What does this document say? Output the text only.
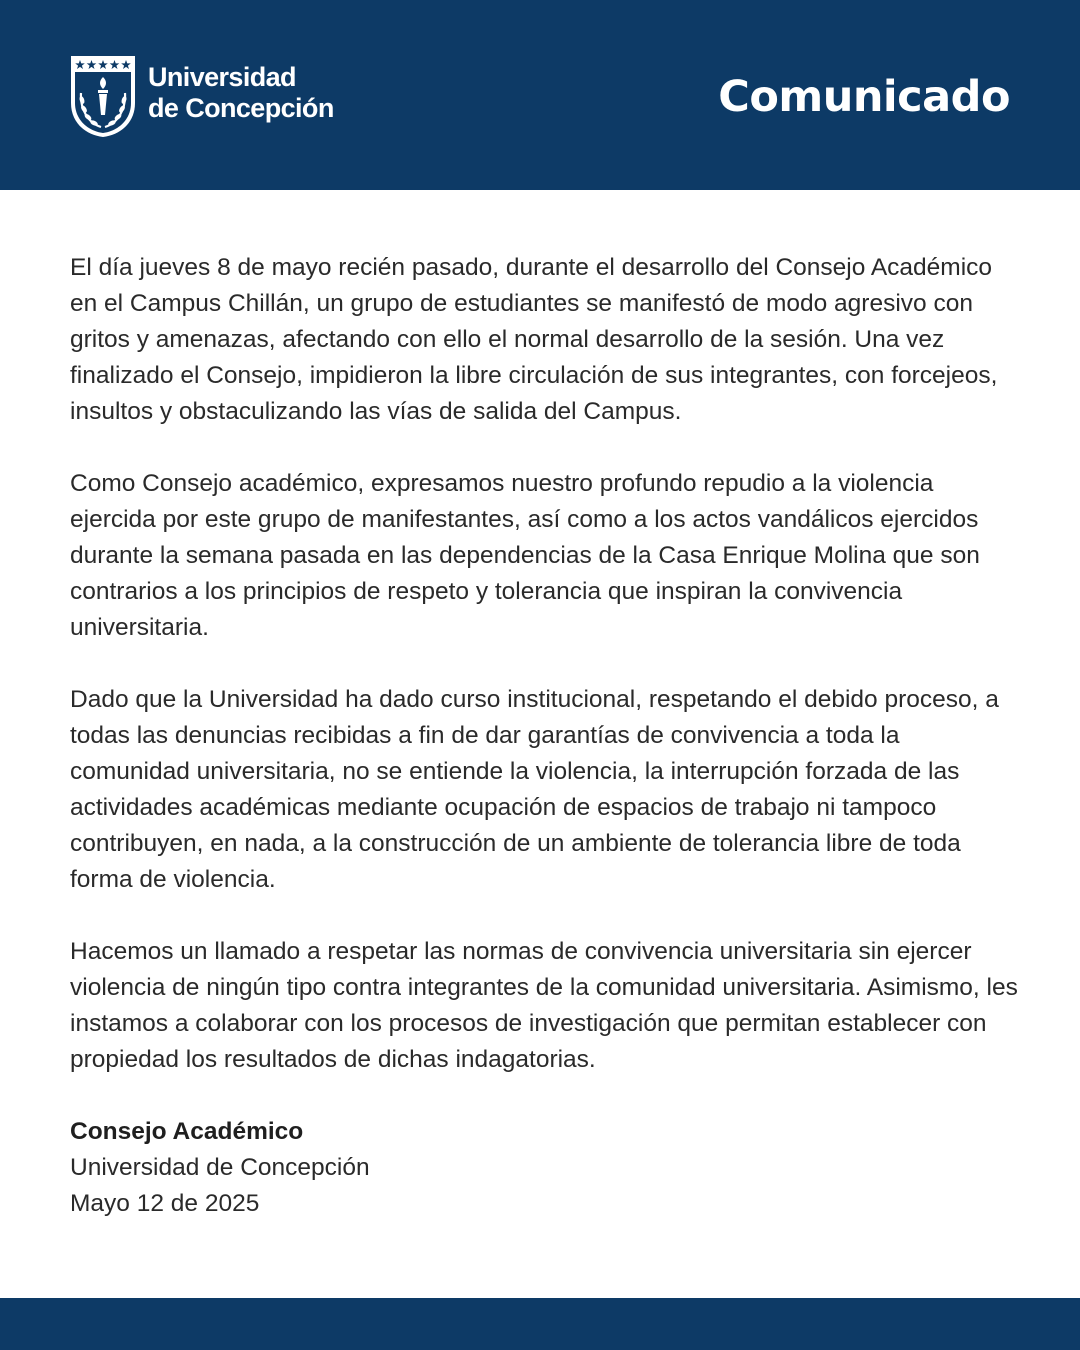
Universidad
de Concepción	Comunicado

El día jueves 8 de mayo recién pasado, durante el desarrollo del Consejo Académico en el Campus Chillán, un grupo de estudiantes se manifestó de modo agresivo con gritos y amenazas, afectando con ello el normal desarrollo de la sesión. Una vez finalizado el Consejo, impidieron la libre circulación de sus integrantes, con forcejeos, insultos y obstaculizando las vías de salida del Campus.

Como Consejo académico, expresamos nuestro profundo repudio a la violencia ejercida por este grupo de manifestantes, así como a los actos vandálicos ejercidos durante la semana pasada en las dependencias de la Casa Enrique Molina que son contrarios a los principios de respeto y tolerancia que inspiran la convivencia universitaria.

Dado que la Universidad ha dado curso institucional, respetando el debido proceso, a todas las denuncias recibidas a fin de dar garantías de convivencia a toda la comunidad universitaria, no se entiende la violencia, la interrupción forzada de las actividades académicas mediante ocupación de espacios de trabajo ni tampoco contribuyen, en nada, a la construcción de un ambiente de tolerancia libre de toda forma de violencia.

Hacemos un llamado a respetar las normas de convivencia universitaria sin ejercer violencia de ningún tipo contra integrantes de la comunidad universitaria. Asimismo, les instamos a colaborar con los procesos de investigación que permitan establecer con propiedad los resultados de dichas indagatorias.

Consejo Académico
Universidad de Concepción
Mayo 12 de 2025
